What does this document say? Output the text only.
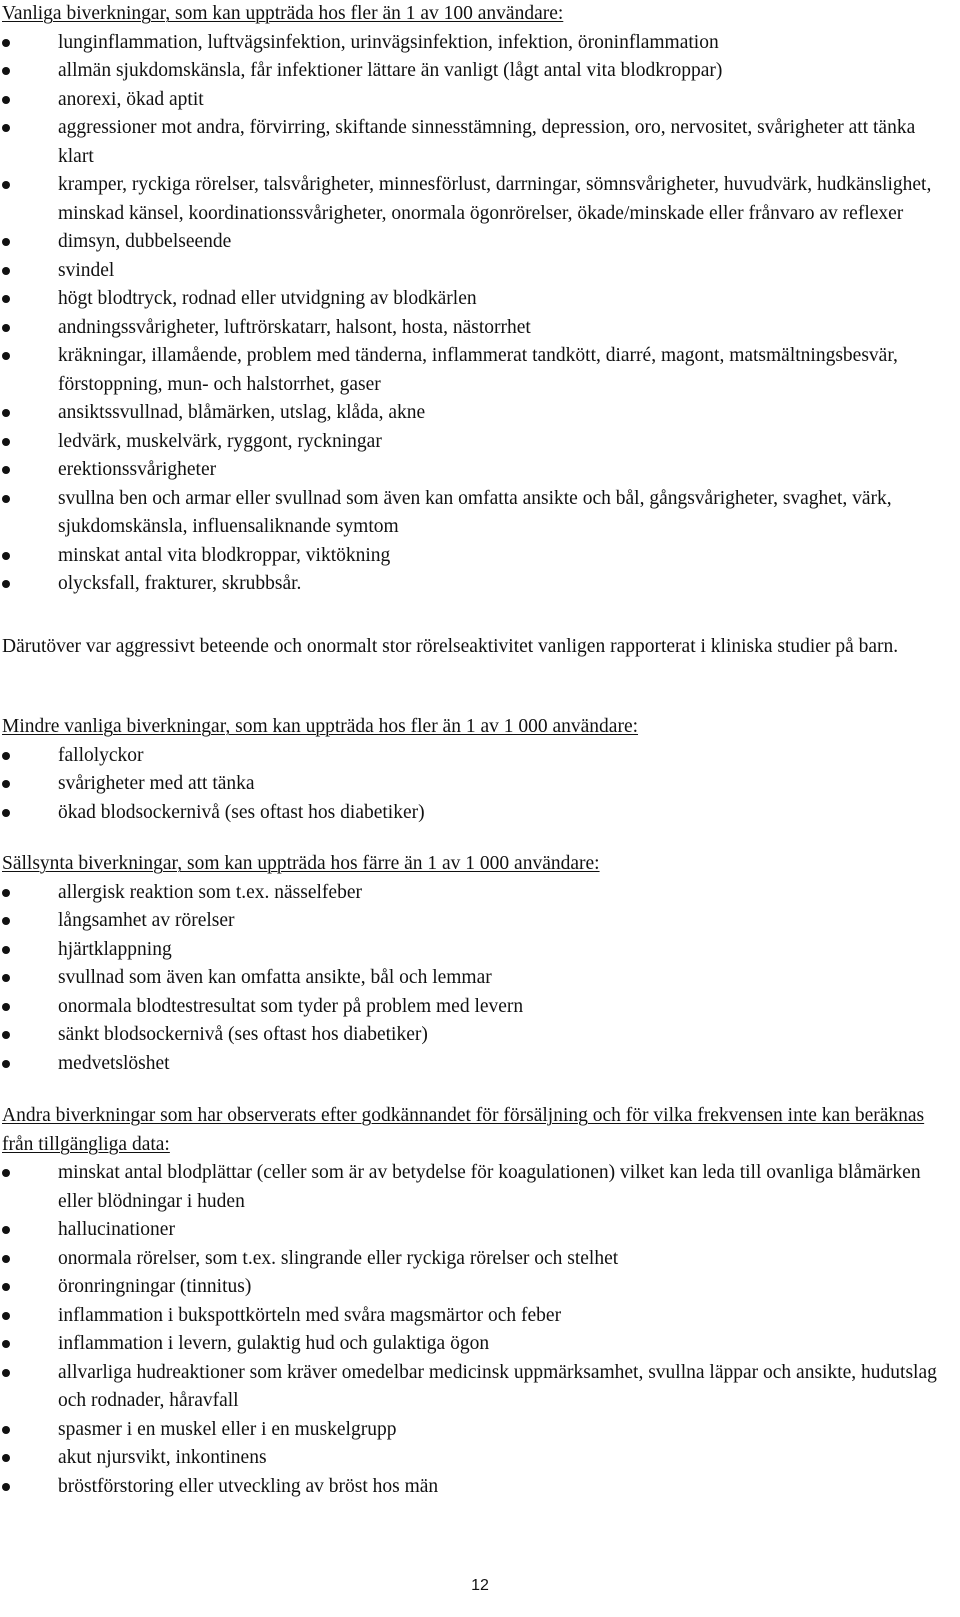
Vanliga biverkningar, som kan uppträda hos fler än 1 av 100 användare:
lunginflammation, luftvägsinfektion, urinvägsinfektion, infektion, öroninflammation
allmän sjukdomskänsla, får infektioner lättare än vanligt (lågt antal vita blodkroppar)
anorexi, ökad aptit
aggressioner mot andra, förvirring, skiftande sinnesstämning, depression, oro, nervositet, svårigheter att tänka klart
kramper, ryckiga rörelser, talsvårigheter, minnesförlust, darrningar, sömnsvårigheter, huvudvärk, hudkänslighet, minskad känsel, koordinationssvårigheter, onormala ögonrörelser, ökade/minskade eller frånvaro av reflexer
dimsyn, dubbelseende
svindel
högt blodtryck, rodnad eller utvidgning av blodkärlen
andningssvårigheter, luftrörskatarr, halsont, hosta, nästorrhet
kräkningar, illamående, problem med tänderna, inflammerat tandkött, diarré, magont, matsmältningsbesvär, förstoppning, mun- och halstorrhet, gaser
ansiktssvullnad, blåmärken, utslag, klåda, akne
ledvärk, muskelvärk, ryggont, ryckningar
erektionssvårigheter
svullna ben och armar eller svullnad som även kan omfatta ansikte och bål, gångsvårigheter, svaghet, värk, sjukdomskänsla, influensaliknande symtom
minskat antal vita blodkroppar, viktökning
olycksfall, frakturer, skrubbsår.
Därutöver var aggressivt beteende och onormalt stor rörelseaktivitet vanligen rapporterat i kliniska studier på barn.
Mindre vanliga biverkningar, som kan uppträda hos fler än 1 av 1 000 användare:
fallolyckor
svårigheter med att tänka
ökad blodsockernivå (ses oftast hos diabetiker)
Sällsynta biverkningar, som kan uppträda hos färre än 1 av 1 000 användare:
allergisk reaktion som t.ex. nässelfeber
långsamhet av rörelser
hjärtklappning
svullnad som även kan omfatta ansikte, bål och lemmar
onormala blodtestresultat som tyder på problem med levern
sänkt blodsockernivå (ses oftast hos diabetiker)
medvetslöshet
Andra biverkningar som har observerats efter godkännandet för försäljning och för vilka frekvensen inte kan beräknas från tillgängliga data:
minskat antal blodplättar (celler som är av betydelse för koagulationen) vilket kan leda till ovanliga blåmärken eller blödningar i huden
hallucinationer
onormala rörelser, som t.ex. slingrande eller ryckiga rörelser och stelhet
öronringningar (tinnitus)
inflammation i bukspottkörteln med svåra magsmärtor och feber
inflammation i levern, gulaktig hud och gulaktiga ögon
allvarliga hudreaktioner som kräver omedelbar medicinsk uppmärksamhet, svullna läppar och ansikte, hudutslag och rodnader, håravfall
spasmer i en muskel eller i en muskelgrupp
akut njursvikt, inkontinens
bröstförstoring eller utveckling av bröst hos män
12
